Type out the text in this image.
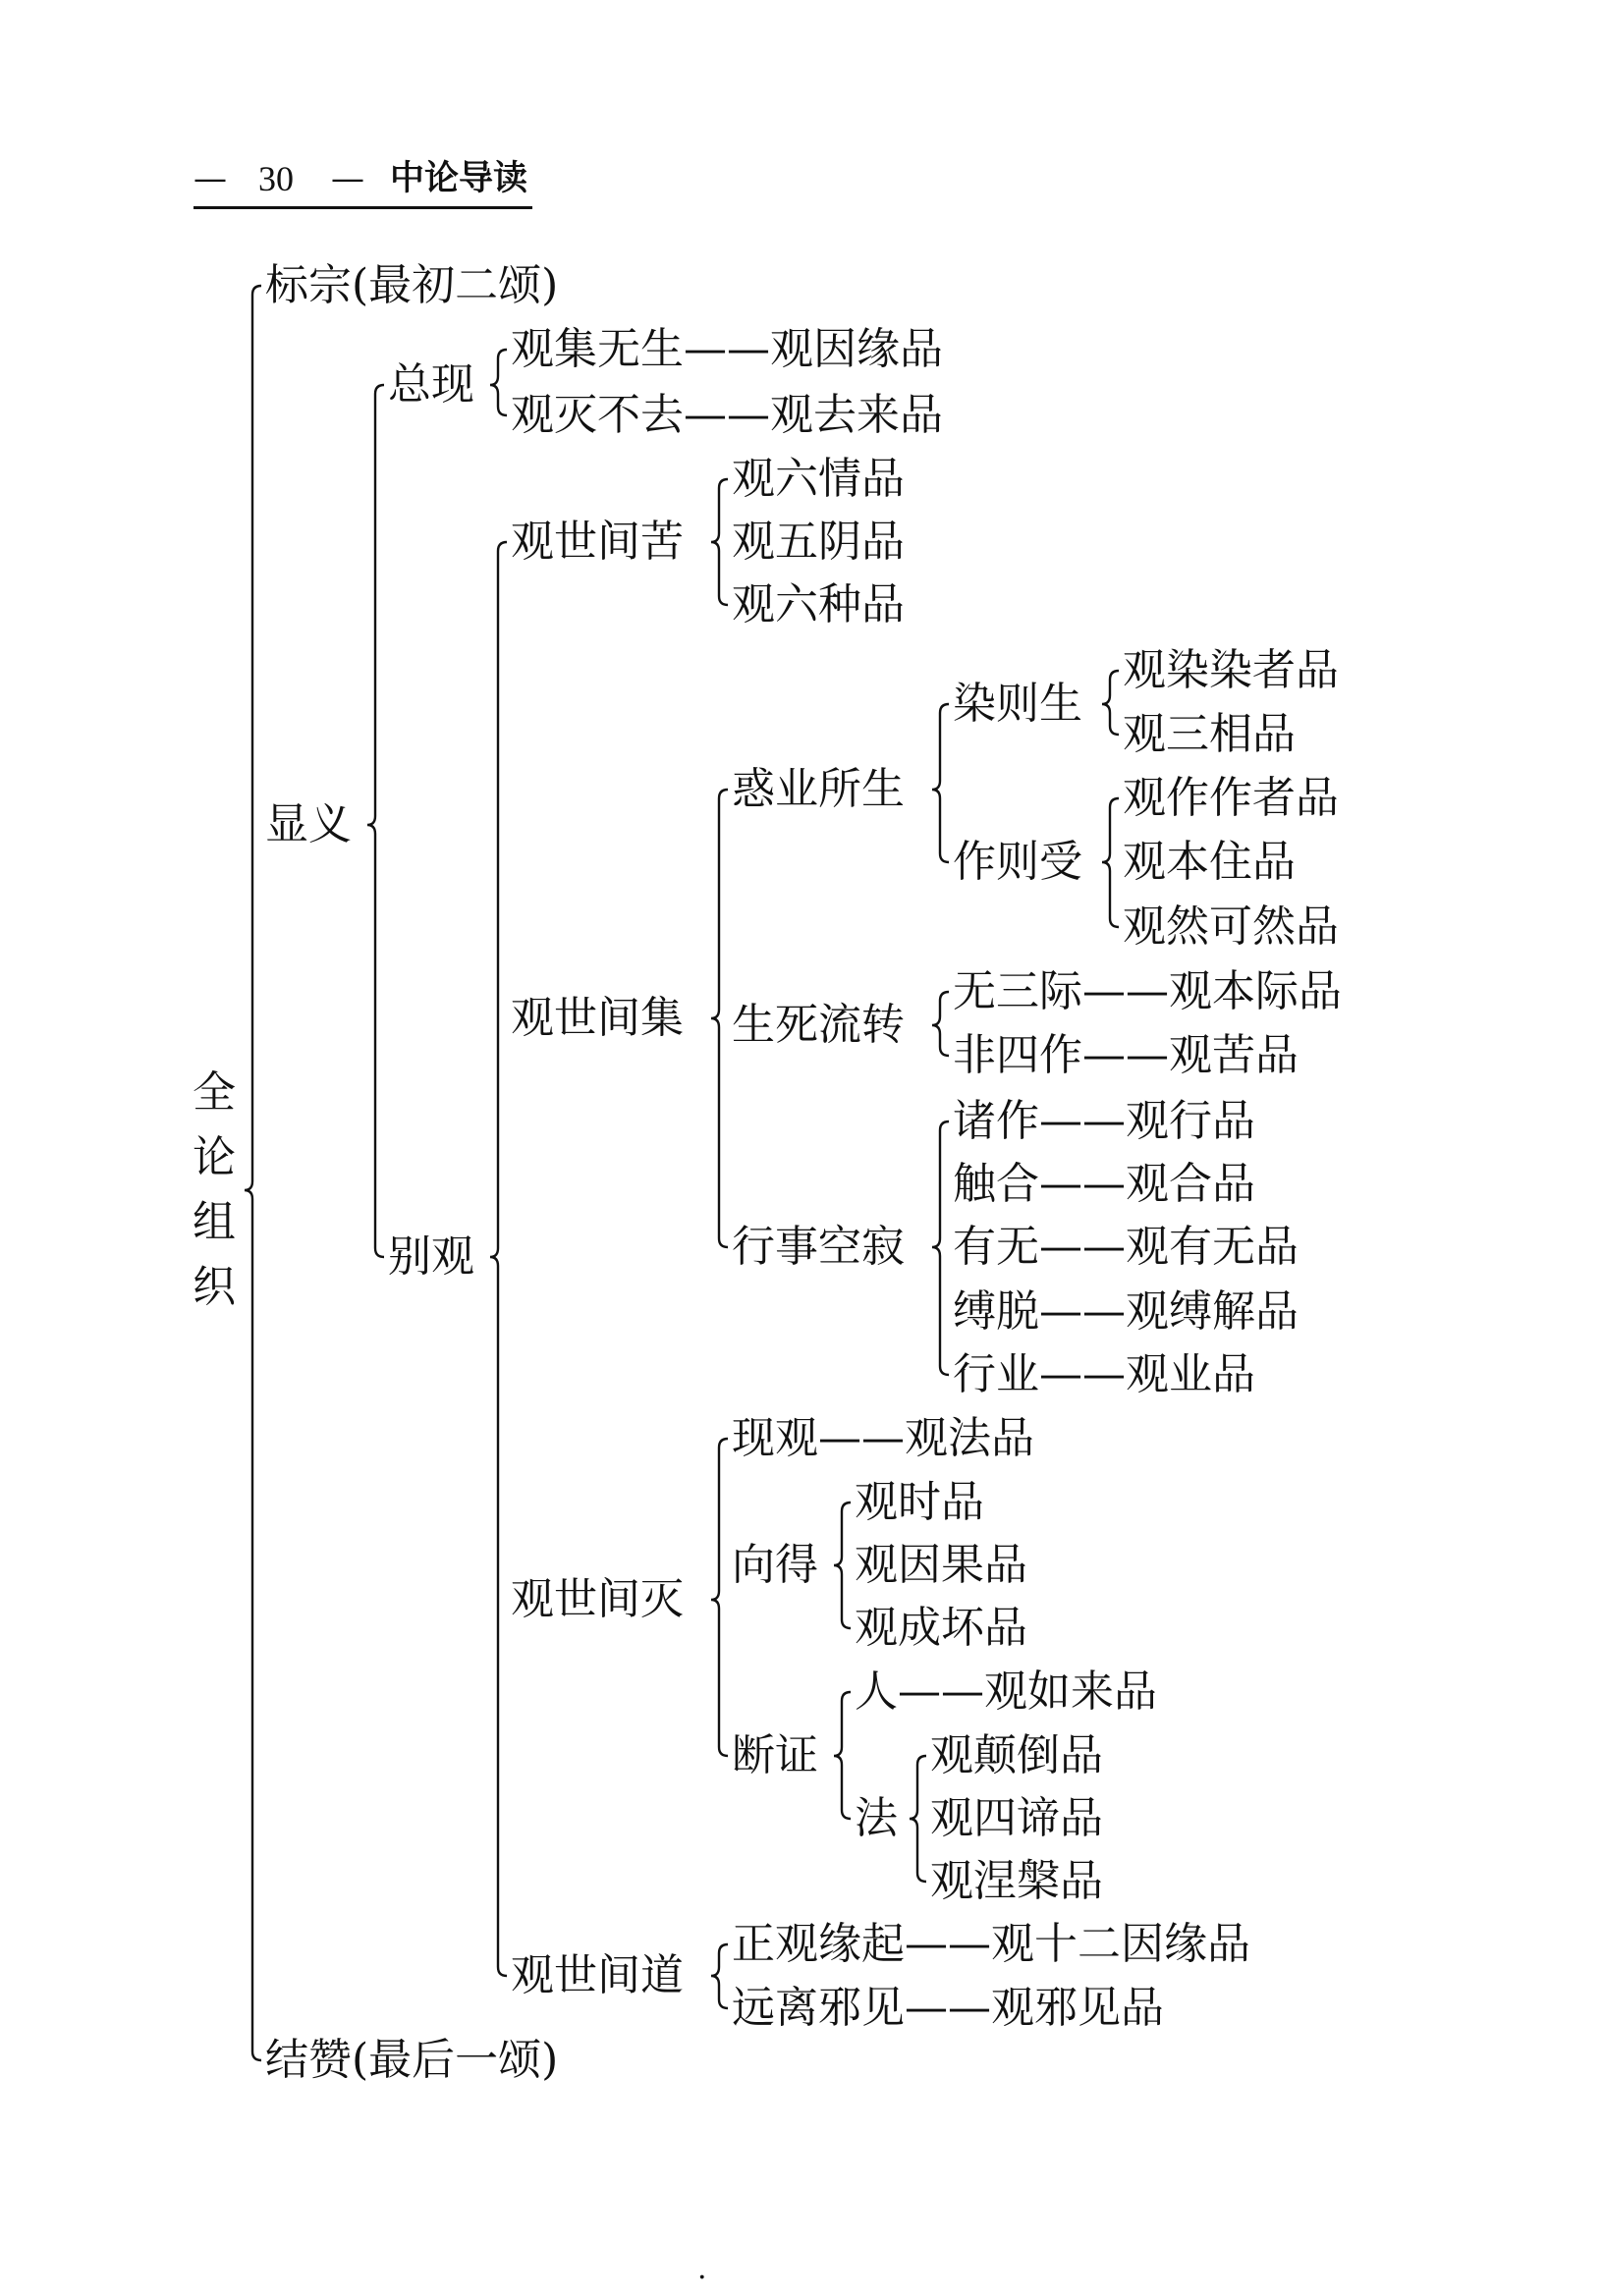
— 30 — 中论导读
全论组织
标宗(最初二颂)
显义
结赞(最后一颂)
总现
观集无生——观因缘品
观灭不去——观去来品
别观
观世间苦
观六情品
观五阴品
观六种品
观世间集
惑业所生
染则生
观染染者品
观三相品
作则受
观作作者品
观本住品
观然可然品
生死流转
无三际——观本际品
非四作——观苦品
行事空寂
诸作——观行品
触合——观合品
有无——观有无品
缚脱——观缚解品
行业——观业品
观世间灭
现观——观法品
向得
观时品
观因果品
观成坏品
断证
人——观如来品
法
观颠倒品
观四谛品
观涅槃品
观世间道
正观缘起——观十二因缘品
远离邪见——观邪见品
·
